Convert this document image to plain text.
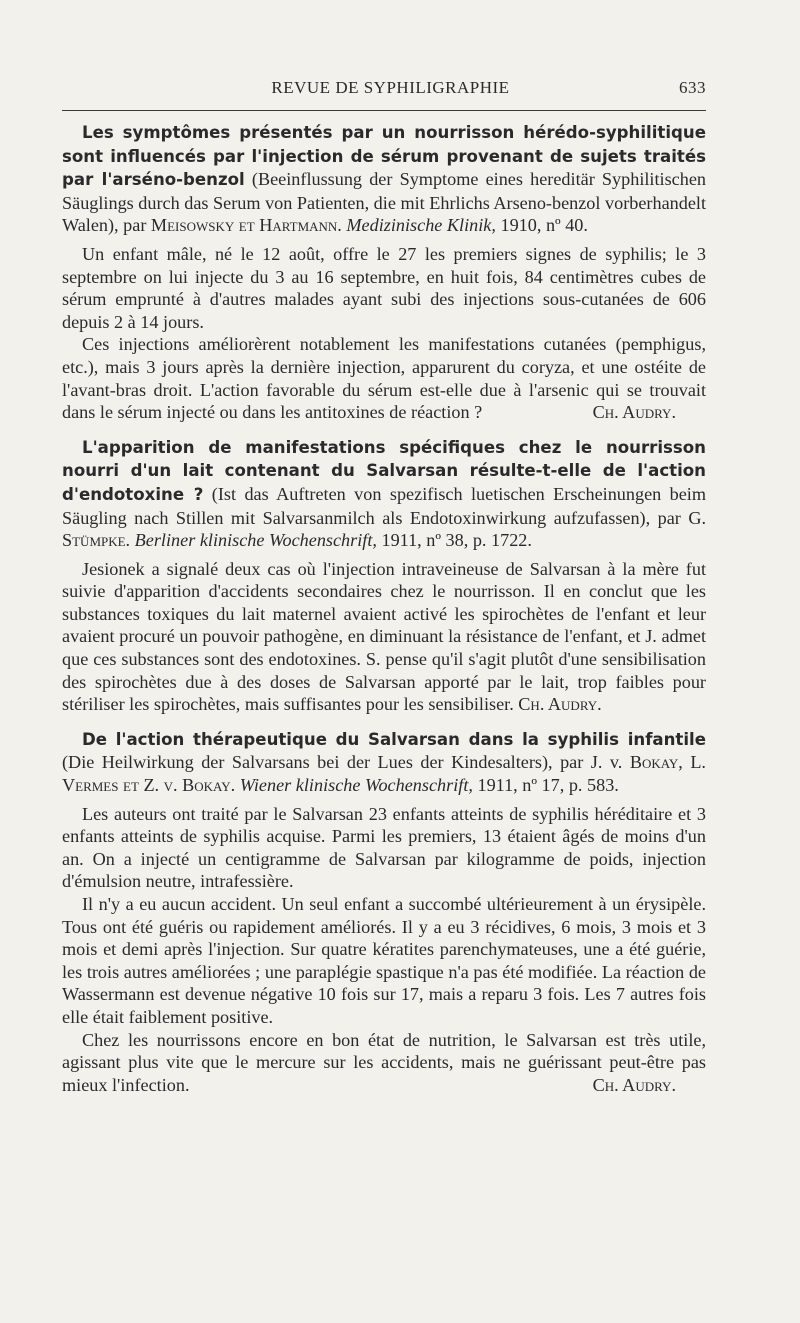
REVUE DE SYPHILIGRAPHIE	633

Les symptômes présentés par un nourrisson hérédo-syphilitique sont influencés par l'injection de sérum provenant de sujets traités par l'arséno-benzol (Beeinflussung der Symptome eines hereditär Syphilitischen Säuglings durch das Serum von Patienten, die mit Ehrlichs Arseno-benzol vorberhandelt Walen), par Meisowsky et Hartmann. Medizinische Klinik, 1910, nº 40.

Un enfant mâle, né le 12 août, offre le 27 les premiers signes de syphilis; le 3 septembre on lui injecte du 3 au 16 septembre, en huit fois, 84 centimètres cubes de sérum emprunté à d'autres malades ayant subi des injections sous-cutanées de 606 depuis 2 à 14 jours.

Ces injections améliorèrent notablement les manifestations cutanées (pemphigus, etc.), mais 3 jours après la dernière injection, apparurent du coryza, et une ostéite de l'avant-bras droit. L'action favorable du sérum est-elle due à l'arsenic qui se trouvait dans le sérum injecté ou dans les antitoxines de réaction ?	Ch. Audry.

L'apparition de manifestations spécifiques chez le nourrisson nourri d'un lait contenant du Salvarsan résulte-t-elle de l'action d'endotoxine ? (Ist das Auftreten von spezifisch luetischen Erscheinungen beim Säugling nach Stillen mit Salvarsanmilch als Endotoxinwirkung aufzufassen), par G. Stümpke. Berliner klinische Wochenschrift, 1911, nº 38, p. 1722.

Jesionek a signalé deux cas où l'injection intraveineuse de Salvarsan à la mère fut suivie d'apparition d'accidents secondaires chez le nourrisson. Il en conclut que les substances toxiques du lait maternel avaient activé les spirochètes de l'enfant et leur avaient procuré un pouvoir pathogène, en diminuant la résistance de l'enfant, et J. admet que ces substances sont des endotoxines. S. pense qu'il s'agit plutôt d'une sensibilisation des spirochètes due à des doses de Salvarsan apporté par le lait, trop faibles pour stériliser les spirochètes, mais suffisantes pour les sensibiliser. Ch. Audry.

De l'action thérapeutique du Salvarsan dans la syphilis infantile (Die Heilwirkung der Salvarsans bei der Lues der Kindesalters), par J. v. Bokay, L. Vermes et Z. v. Bokay. Wiener klinische Wochenschrift, 1911, nº 17, p. 583.

Les auteurs ont traité par le Salvarsan 23 enfants atteints de syphilis héréditaire et 3 enfants atteints de syphilis acquise. Parmi les premiers, 13 étaient âgés de moins d'un an. On a injecté un centigramme de Salvarsan par kilogramme de poids, injection d'émulsion neutre, intrafessière.

Il n'y a eu aucun accident. Un seul enfant a succombé ultérieurement à un érysipèle. Tous ont été guéris ou rapidement améliorés. Il y a eu 3 récidives, 6 mois, 3 mois et 3 mois et demi après l'injection. Sur quatre kératites parenchymateuses, une a été guérie, les trois autres améliorées ; une paraplégie spastique n'a pas été modifiée. La réaction de Wassermann est devenue négative 10 fois sur 17, mais a reparu 3 fois. Les 7 autres fois elle était faiblement positive.

Chez les nourrissons encore en bon état de nutrition, le Salvarsan est très utile, agissant plus vite que le mercure sur les accidents, mais ne guérissant peut-être pas mieux l'infection.	Ch. Audry.
